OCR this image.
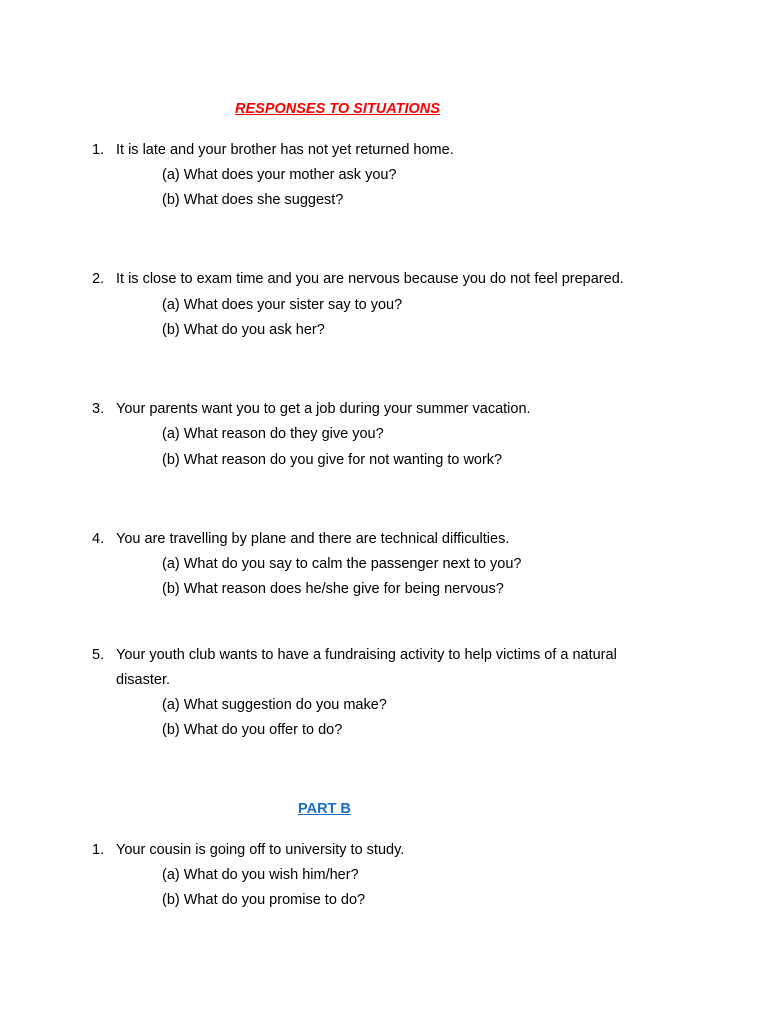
RESPONSES TO SITUATIONS
1. It is late and your brother has not yet returned home.
(a) What does your mother ask you?
(b) What does she suggest?
2. It is close to exam time and you are nervous because you do not feel prepared.
(a) What does your sister say to you?
(b) What do you ask her?
3. Your parents want you to get a job during your summer vacation.
(a) What reason do they give you?
(b) What reason do you give for not wanting to work?
4. You are travelling by plane and there are technical difficulties.
(a) What do you say to calm the passenger next to you?
(b) What reason does he/she give for being nervous?
5. Your youth club wants to have a fundraising activity to help victims of a natural
disaster.
(a) What suggestion do you make?
(b) What do you offer to do?
PART B
1. Your cousin is going off to university to study.
(a) What do you wish him/her?
(b) What do you promise to do?
